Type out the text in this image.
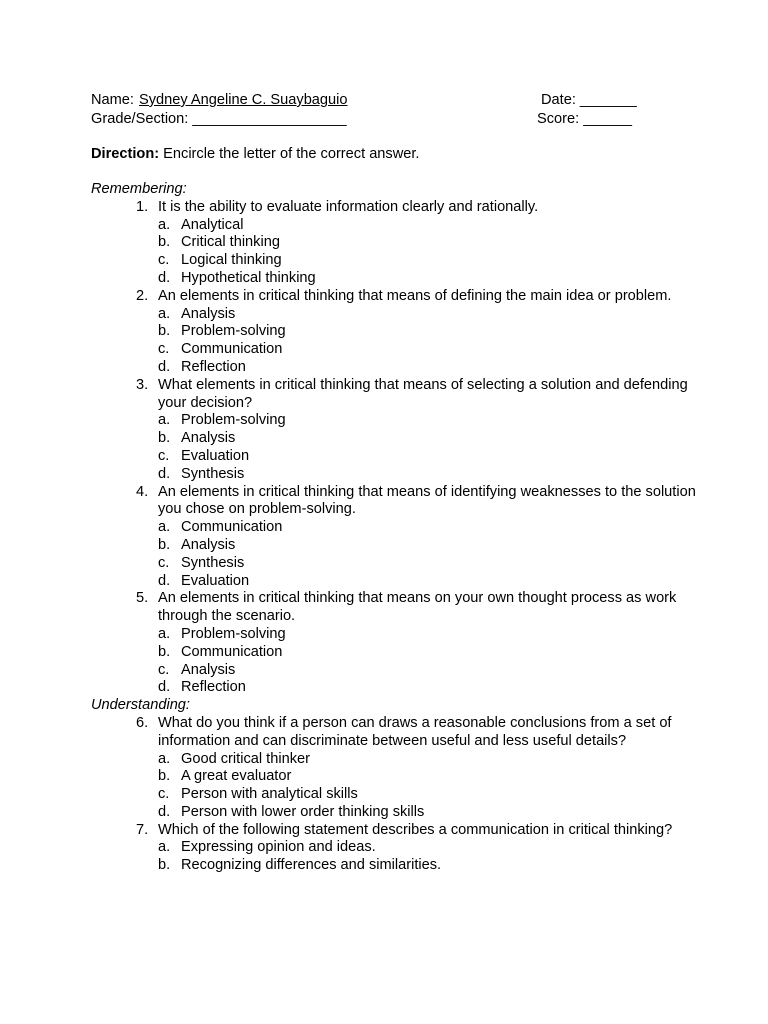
Name: Sydney Angeline C. Suaybaguio	Date: _______
Grade/Section: ___________________	Score: ______
Direction: Encircle the letter of the correct answer.
Remembering:
1. It is the ability to evaluate information clearly and rationally.
a. Analytical
b. Critical thinking
c. Logical thinking
d. Hypothetical thinking
2. An elements in critical thinking that means of defining the main idea or problem.
a. Analysis
b. Problem-solving
c. Communication
d. Reflection
3. What elements in critical thinking that means of selecting a solution and defending your decision?
a. Problem-solving
b. Analysis
c. Evaluation
d. Synthesis
4. An elements in critical thinking that means of identifying weaknesses to the solution you chose on problem-solving.
a. Communication
b. Analysis
c. Synthesis
d. Evaluation
5. An elements in critical thinking that means on your own thought process as work through the scenario.
a. Problem-solving
b. Communication
c. Analysis
d. Reflection
Understanding:
6. What do you think if a person can draws a reasonable conclusions from a set of information and can discriminate between useful and less useful details?
a. Good critical thinker
b. A great evaluator
c. Person with analytical skills
d. Person with lower order thinking skills
7. Which of the following statement describes a communication in critical thinking?
a. Expressing opinion and ideas.
b. Recognizing differences and similarities.
